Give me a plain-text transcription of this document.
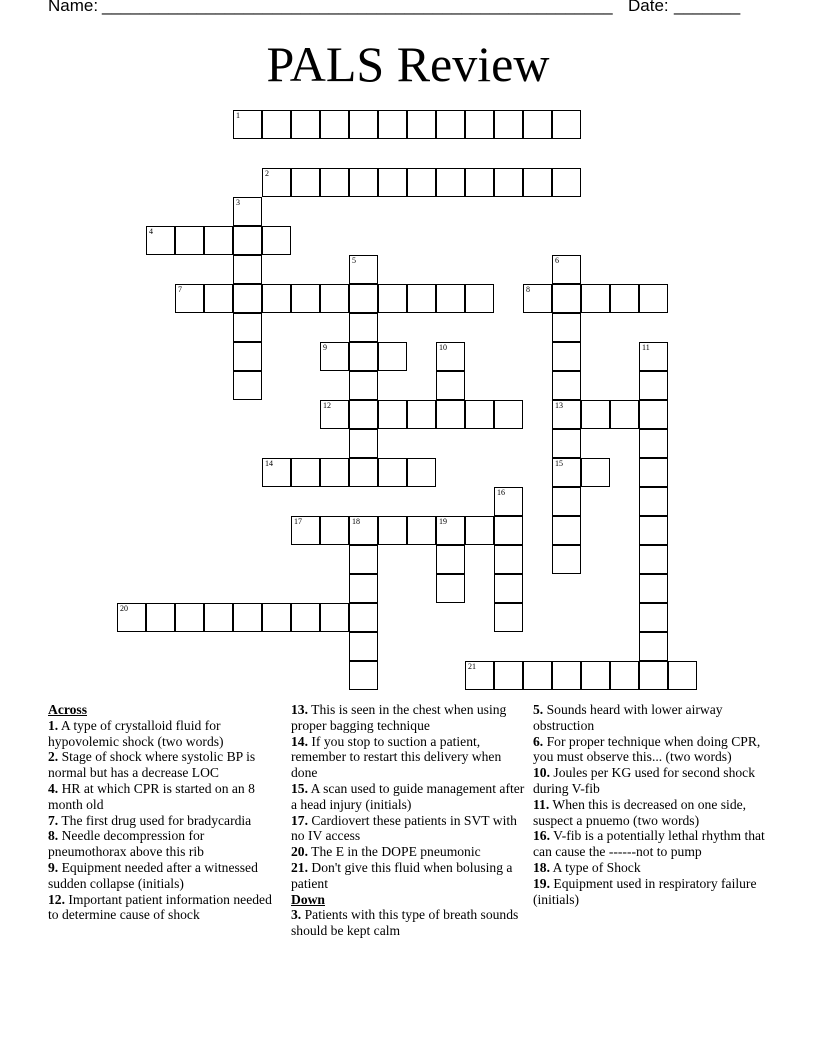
Name: ______________________________________________________ Date: _______
PALS Review
1
2
3
4
5	6
13
15
7	8
9	10	11
12
14
16
17	18	19
20
21
Across
1. A type of crystalloid fluid for hypovolemic shock (two words)
2. Stage of shock where systolic BP is normal but has a decrease LOC
4. HR at which CPR is started on an 8 month old
7. The first drug used for bradycardia
8. Needle decompression for pneumothorax above this rib
9. Equipment needed after a witnessed sudden collapse (initials)
12. Important patient information needed to determine cause of shock
13. This is seen in the chest when using proper bagging technique
14. If you stop to suction a patient, remember to restart this delivery when done
15. A scan used to guide management after a head injury (initials)
17. Cardiovert these patients in SVT with no IV access
20. The E in the DOPE pneumonic
21. Don't give this fluid when bolusing a patient
Down
3. Patients with this type of breath sounds should be kept calm
5. Sounds heard with lower airway obstruction
6. For proper technique when doing CPR, you must observe this... (two words)
10. Joules per KG used for second shock during V-fib
11. When this is decreased on one side, suspect a pnuemo (two words)
16. V-fib is a potentially lethal rhythm that can cause the ------not to pump
18. A type of Shock
19. Equipment used in respiratory failure (initials)
